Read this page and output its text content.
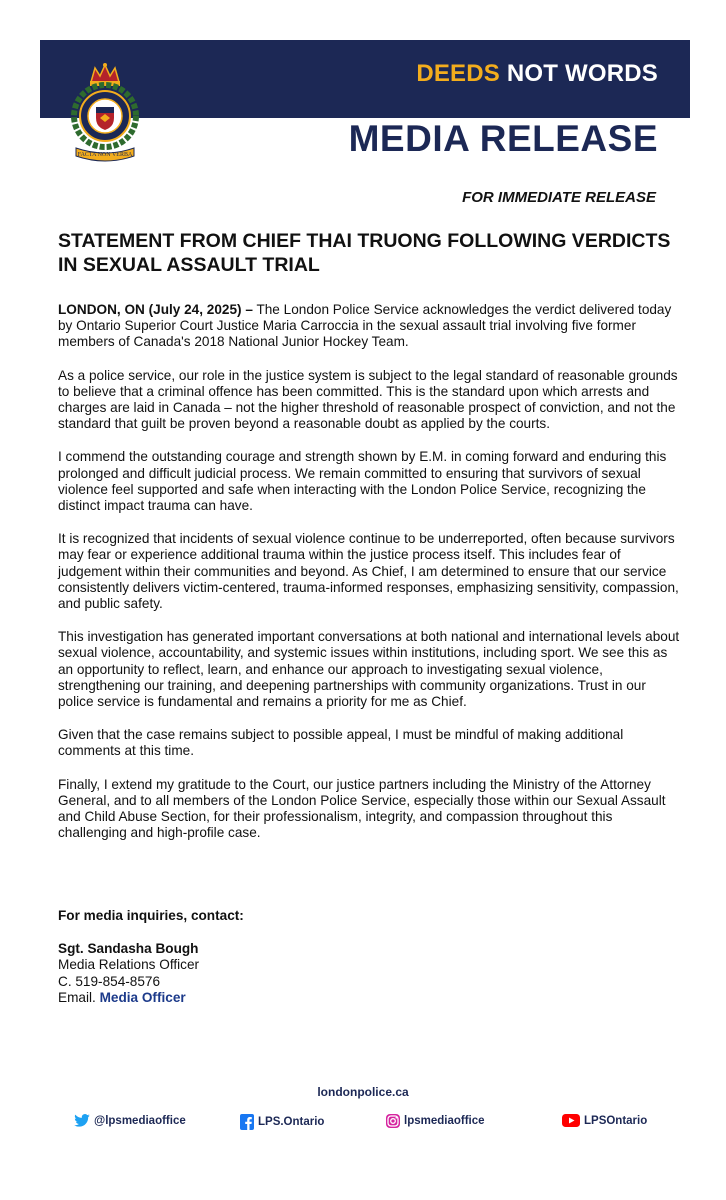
DEEDS NOT WORDS
FACTA NON VERBA	MEDIA RELEASE
FOR IMMEDIATE RELEASE
STATEMENT FROM CHIEF THAI TRUONG FOLLOWING VERDICTS IN SEXUAL ASSAULT TRIAL

LONDON, ON (July 24, 2025) – The London Police Service acknowledges the verdict delivered today by Ontario Superior Court Justice Maria Carroccia in the sexual assault trial involving five former members of Canada's 2018 National Junior Hockey Team.

As a police service, our role in the justice system is subject to the legal standard of reasonable grounds to believe that a criminal offence has been committed. This is the standard upon which arrests and charges are laid in Canada – not the higher threshold of reasonable prospect of conviction, and not the standard that guilt be proven beyond a reasonable doubt as applied by the courts.

I commend the outstanding courage and strength shown by E.M. in coming forward and enduring this prolonged and difficult judicial process. We remain committed to ensuring that survivors of sexual violence feel supported and safe when interacting with the London Police Service, recognizing the distinct impact trauma can have.

It is recognized that incidents of sexual violence continue to be underreported, often because survivors may fear or experience additional trauma within the justice process itself. This includes fear of judgement within their communities and beyond. As Chief, I am determined to ensure that our service consistently delivers victim-centered, trauma-informed responses, emphasizing sensitivity, compassion, and public safety.

This investigation has generated important conversations at both national and international levels about sexual violence, accountability, and systemic issues within institutions, including sport. We see this as an opportunity to reflect, learn, and enhance our approach to investigating sexual violence, strengthening our training, and deepening partnerships with community organizations. Trust in our police service is fundamental and remains a priority for me as Chief.

Given that the case remains subject to possible appeal, I must be mindful of making additional comments at this time.

Finally, I extend my gratitude to the Court, our justice partners including the Ministry of the Attorney General, and to all members of the London Police Service, especially those within our Sexual Assault and Child Abuse Section, for their professionalism, integrity, and compassion throughout this challenging and high-profile case.

For media inquiries, contact:
Sgt. Sandasha Bough
Media Relations Officer
C. 519-854-8576
Email. Media Officer
londonpolice.ca
@lpsmediaoffice	LPS.Ontario	lpsmediaoffice	LPSOntario
